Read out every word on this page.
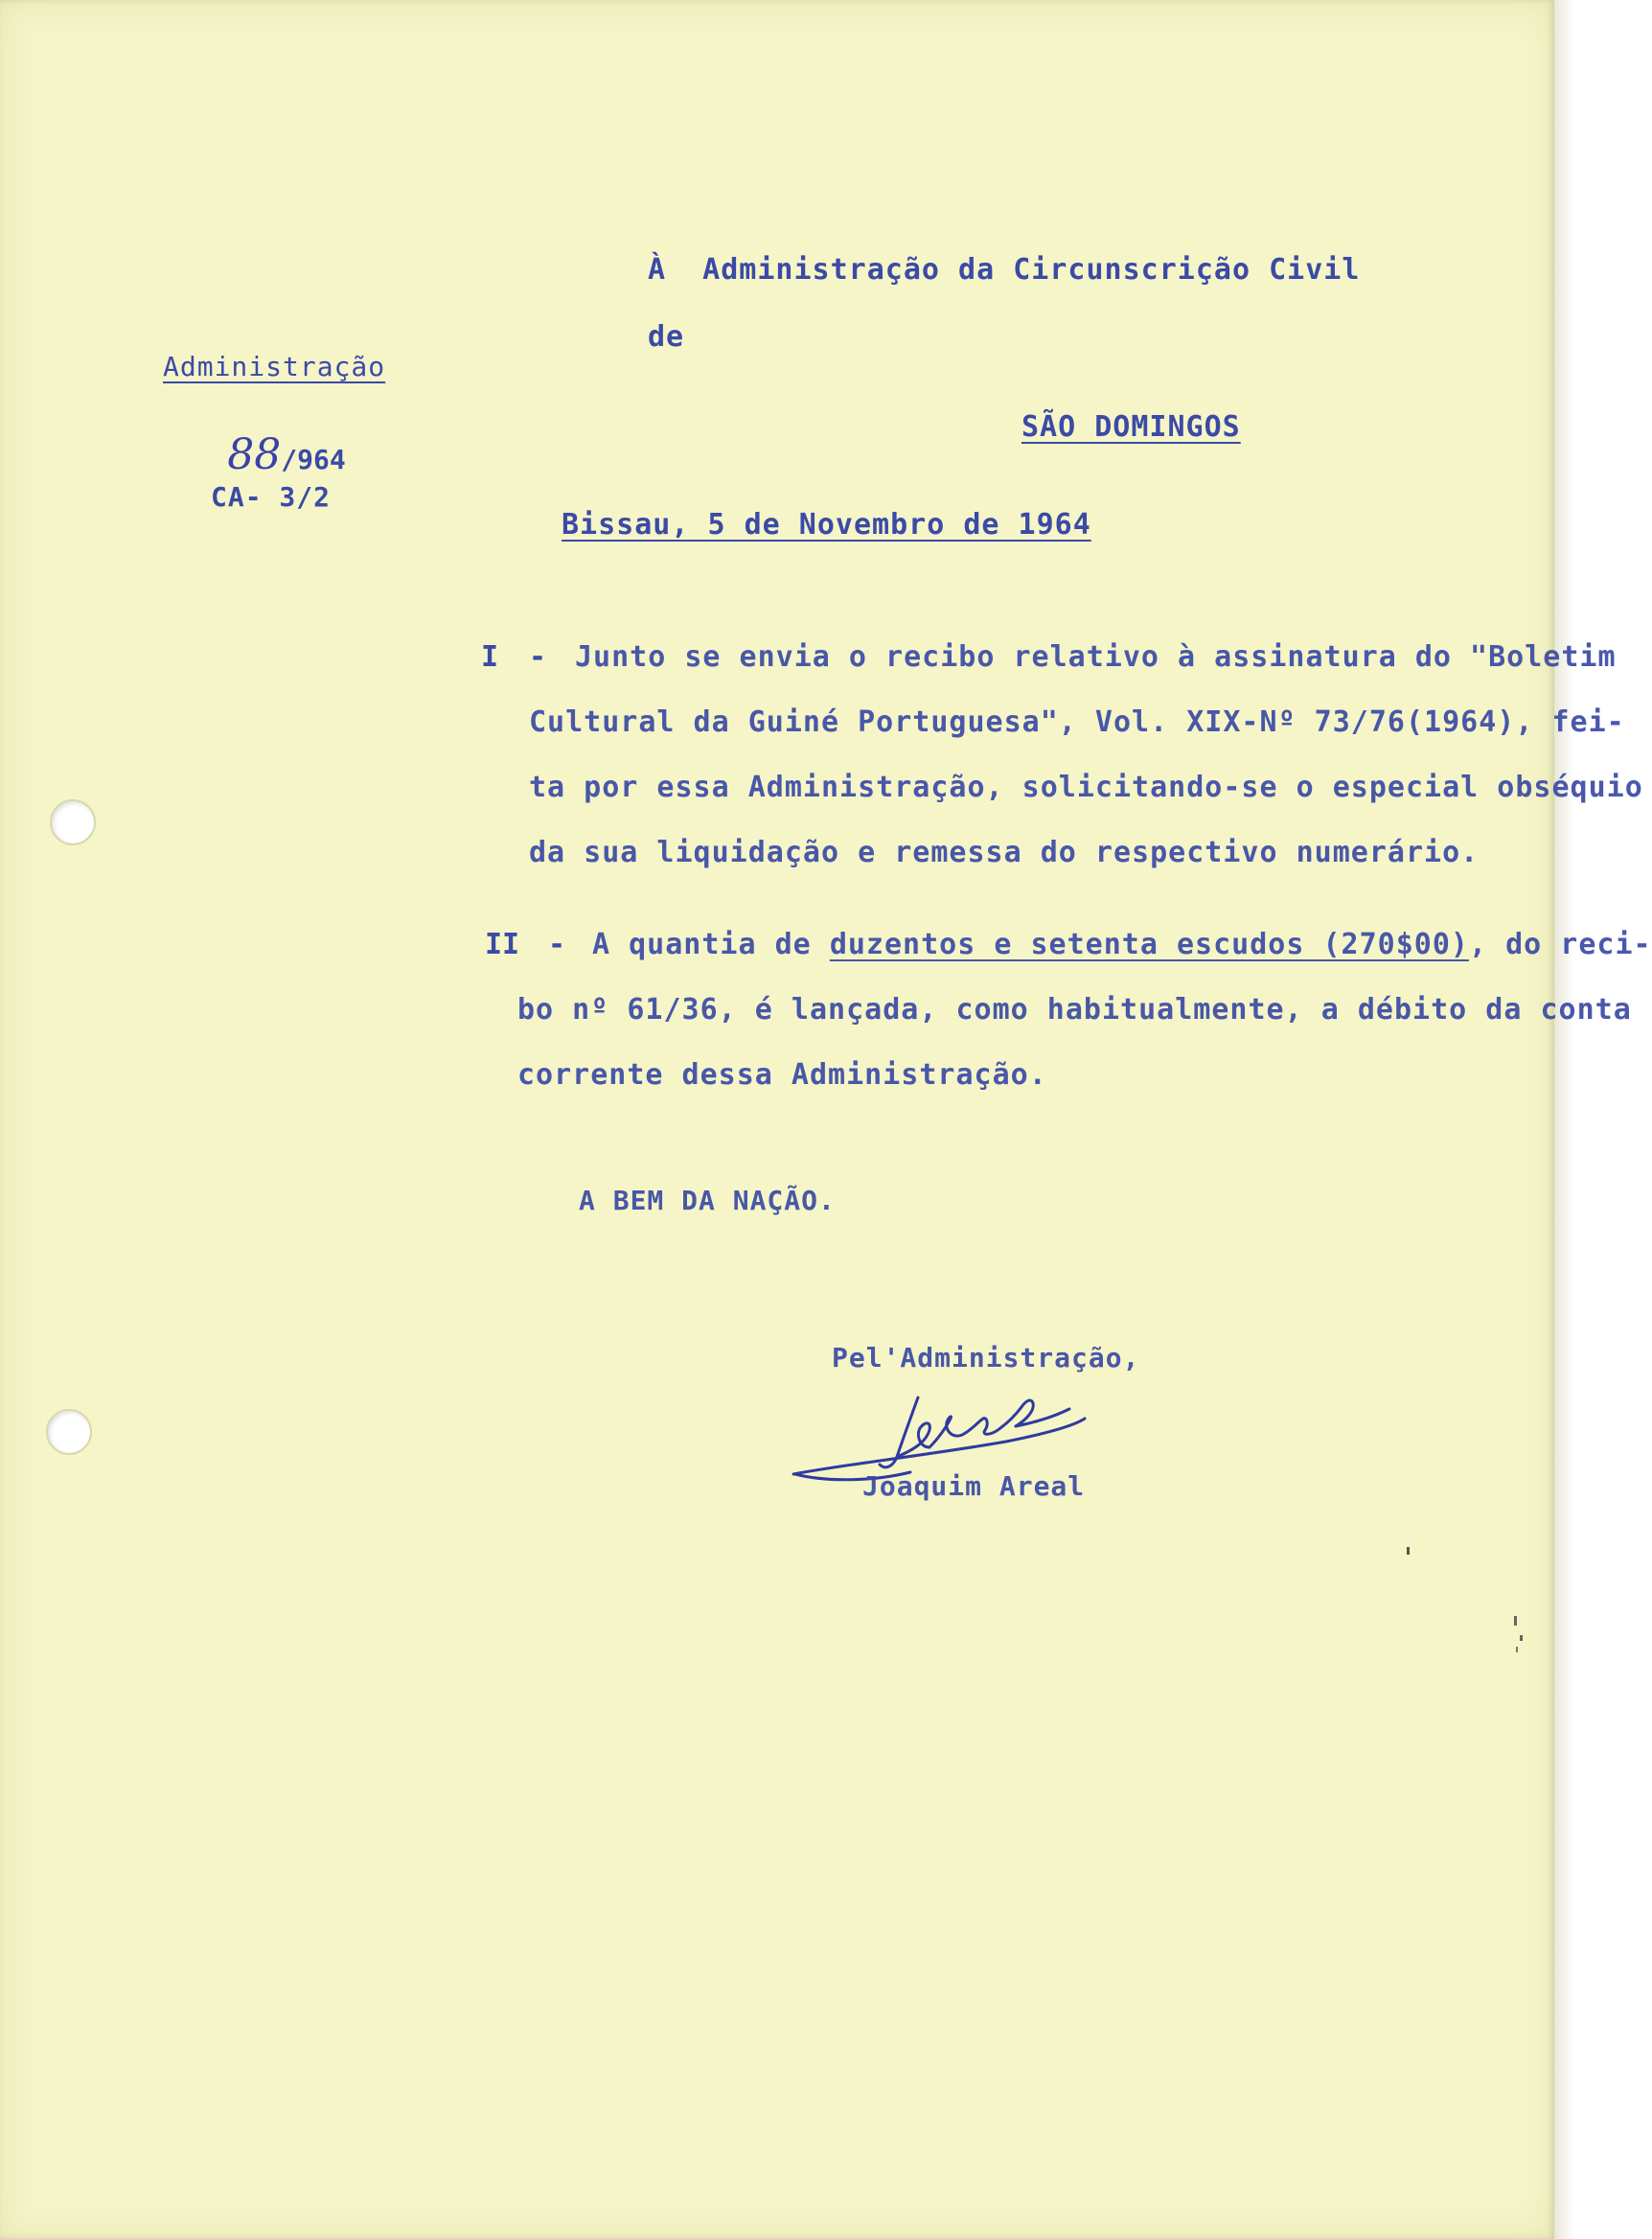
À  Administração da Circunscrição Civil
de
SÃO DOMINGOS
Administração

88/964

CA- 3/2
Bissau, 5 de Novembro de 1964
I - Junto se envia o recibo relativo à assinatura do "Boletim
Cultural da Guiné Portuguesa", Vol. XIX-Nº 73/76(1964), fei-
ta por essa Administração, solicitando-se o especial obséquio
da sua liquidação e remessa do respectivo numerário.
II - A quantia de duzentos e setenta escudos (270$00), do reci-
bo nº 61/36, é lançada, como habitualmente, a débito da conta
corrente dessa Administração.
A BEM DA NAÇÃO.
Pel'Administração,
Joaquim Areal
